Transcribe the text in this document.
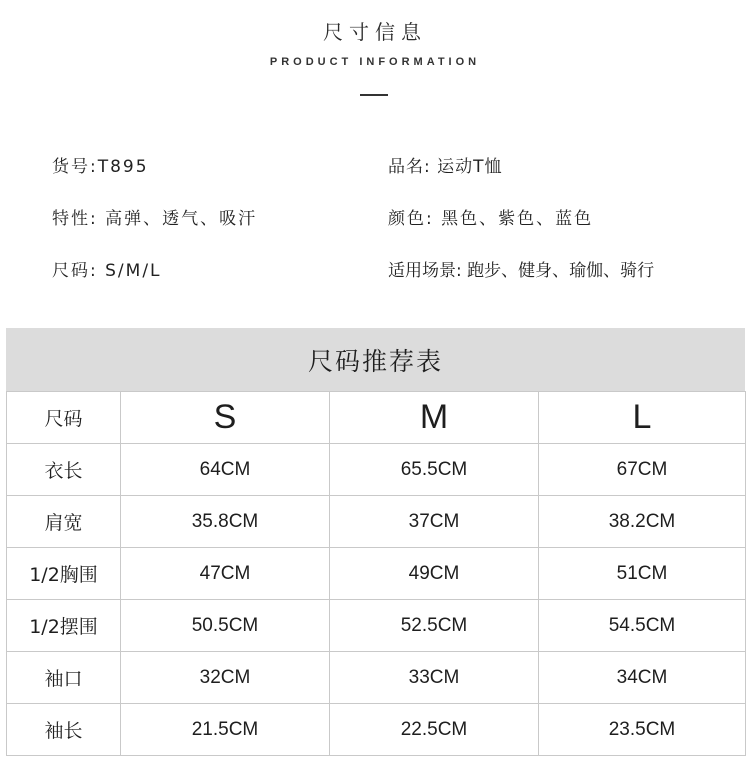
尺寸信息
PRODUCT INFORMATION
货号:T895	品名: 运动T恤
特性: 高弹、透气、吸汗	颜色: 黑色、紫色、蓝色
尺码: S/M/L	适用场景: 跑步、健身、瑜伽、骑行
尺码推荐表
尺码	S	M	L
衣长	64CM	65.5CM	67CM
肩宽	35.8CM	37CM	38.2CM
1/2胸围	47CM	49CM	51CM
1/2摆围	50.5CM	52.5CM	54.5CM
袖口	32CM	33CM	34CM
袖长	21.5CM	22.5CM	23.5CM
